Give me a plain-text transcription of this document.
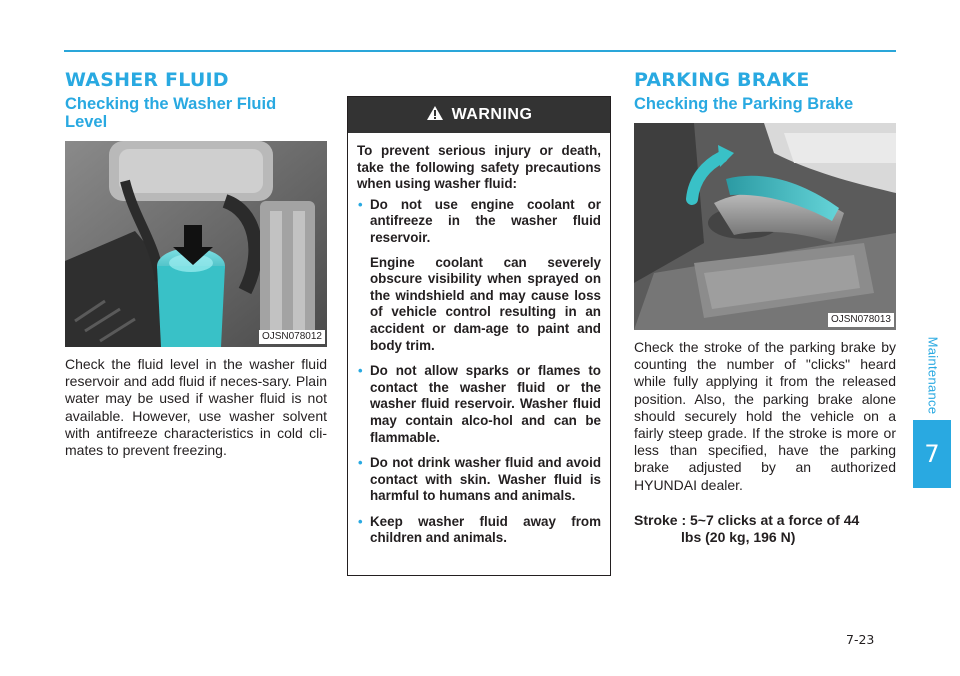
WASHER FLUID
Checking the Washer Fluid Level
OJSN078012
Check the fluid level in the washer fluid reservoir and add fluid if neces-sary. Plain water may be used if washer fluid is not available. However, use washer solvent with antifreeze characteristics in cold cli-mates to prevent freezing.
WARNING
To prevent serious injury or death, take the following safety precautions when using washer fluid:
• Do not use engine coolant or antifreeze in the washer fluid reservoir.
Engine coolant can severely obscure visibility when sprayed on the windshield and may cause loss of vehicle control resulting in an accident or dam-age to paint and body trim.
• Do not allow sparks or flames to contact the washer fluid or the washer fluid reservoir. Washer fluid may contain alco-hol and can be flammable.
• Do not drink washer fluid and avoid contact with skin. Washer fluid is harmful to humans and animals.
• Keep washer fluid away from children and animals.
PARKING BRAKE
Checking the Parking Brake
OJSN078013
Check the stroke of the parking brake by counting the number of "clicks" heard while fully applying it from the released position. Also, the parking brake alone should securely hold the vehicle on a fairly steep grade. If the stroke is more or less than specified, have the parking brake adjusted by an authorized HYUNDAI dealer.
Stroke : 5~7 clicks at a force of 44
lbs (20 kg, 196 N)
Maintenance
7
7-23
